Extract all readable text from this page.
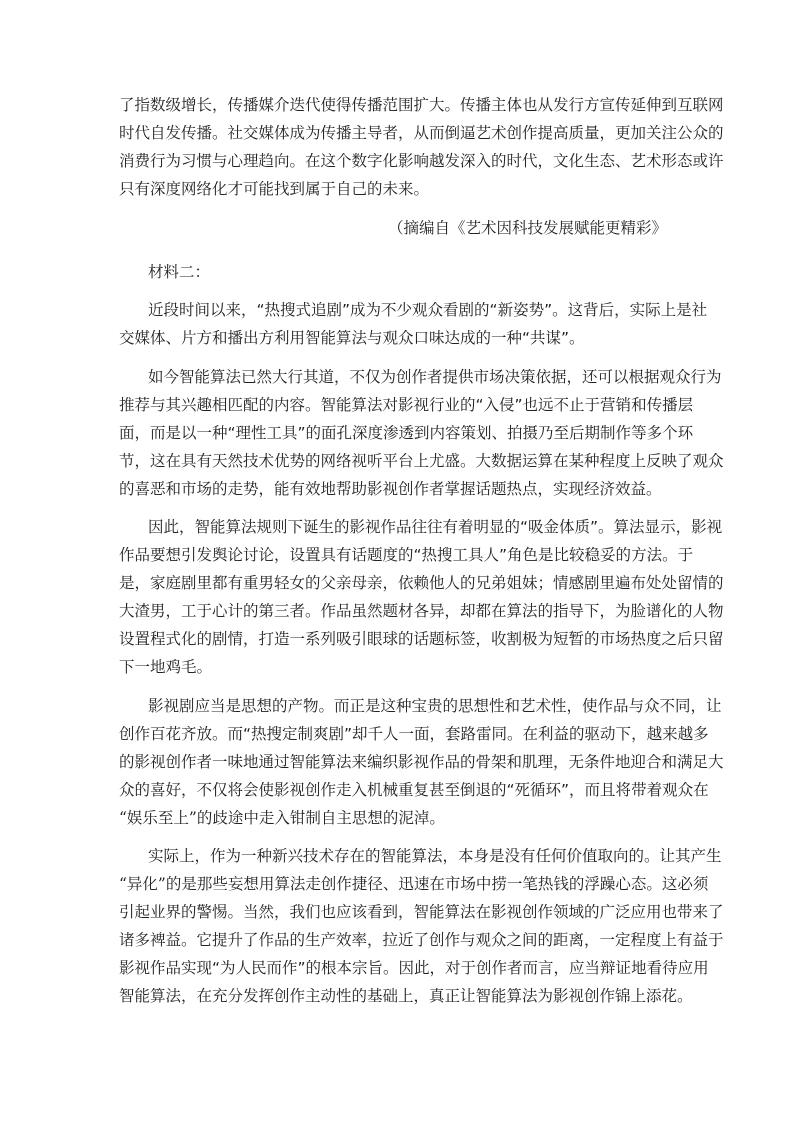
了指数级增长，传播媒介迭代使得传播范围扩大。传播主体也从发行方宣传延伸到互联网
时代自发传播。社交媒体成为传播主导者，从而倒逼艺术创作提高质量，更加关注公众的
消费行为习惯与心理趋向。在这个数字化影响越发深入的时代，文化生态、艺术形态或许
只有深度网络化才可能找到属于自己的未来。

（摘编自《艺术因科技发展赋能更精彩》
材料二：

近段时间以来，“热搜式追剧”成为不少观众看剧的“新姿势”。这背后，实际上是社
交媒体、片方和播出方利用智能算法与观众口味达成的一种“共谋”。

如今智能算法已然大行其道，不仅为创作者提供市场决策依据，还可以根据观众行为
推荐与其兴趣相匹配的内容。智能算法对影视行业的“入侵”也远不止于营销和传播层
面，而是以一种“理性工具”的面孔深度渗透到内容策划、拍摄乃至后期制作等多个环
节，这在具有天然技术优势的网络视听平台上尤盛。大数据运算在某种程度上反映了观众
的喜恶和市场的走势，能有效地帮助影视创作者掌握话题热点，实现经济效益。

因此，智能算法规则下诞生的影视作品往往有着明显的“吸金体质”。算法显示，影视
作品要想引发舆论讨论，设置具有话题度的“热搜工具人”角色是比较稳妥的方法。于
是，家庭剧里都有重男轻女的父亲母亲，依赖他人的兄弟姐妹；情感剧里遍布处处留情的
大渣男，工于心计的第三者。作品虽然题材各异，却都在算法的指导下，为脸谱化的人物
设置程式化的剧情，打造一系列吸引眼球的话题标签，收割极为短暂的市场热度之后只留
下一地鸡毛。

影视剧应当是思想的产物。而正是这种宝贵的思想性和艺术性，使作品与众不同，让
创作百花齐放。而“热搜定制爽剧”却千人一面，套路雷同。在利益的驱动下，越来越多
的影视创作者一味地通过智能算法来编织影视作品的骨架和肌理，无条件地迎合和满足大
众的喜好，不仅将会使影视创作走入机械重复甚至倒退的“死循环”，而且将带着观众在
“娱乐至上”的歧途中走入钳制自主思想的泥淖。

实际上，作为一种新兴技术存在的智能算法，本身是没有任何价值取向的。让其产生
“异化”的是那些妄想用算法走创作捷径、迅速在市场中捞一笔热钱的浮躁心态。这必须
引起业界的警惕。当然，我们也应该看到，智能算法在影视创作领域的广泛应用也带来了
诸多裨益。它提升了作品的生产效率，拉近了创作与观众之间的距离，一定程度上有益于
影视作品实现“为人民而作”的根本宗旨。因此，对于创作者而言，应当辩证地看待应用
智能算法，在充分发挥创作主动性的基础上，真正让智能算法为影视创作锦上添花。
